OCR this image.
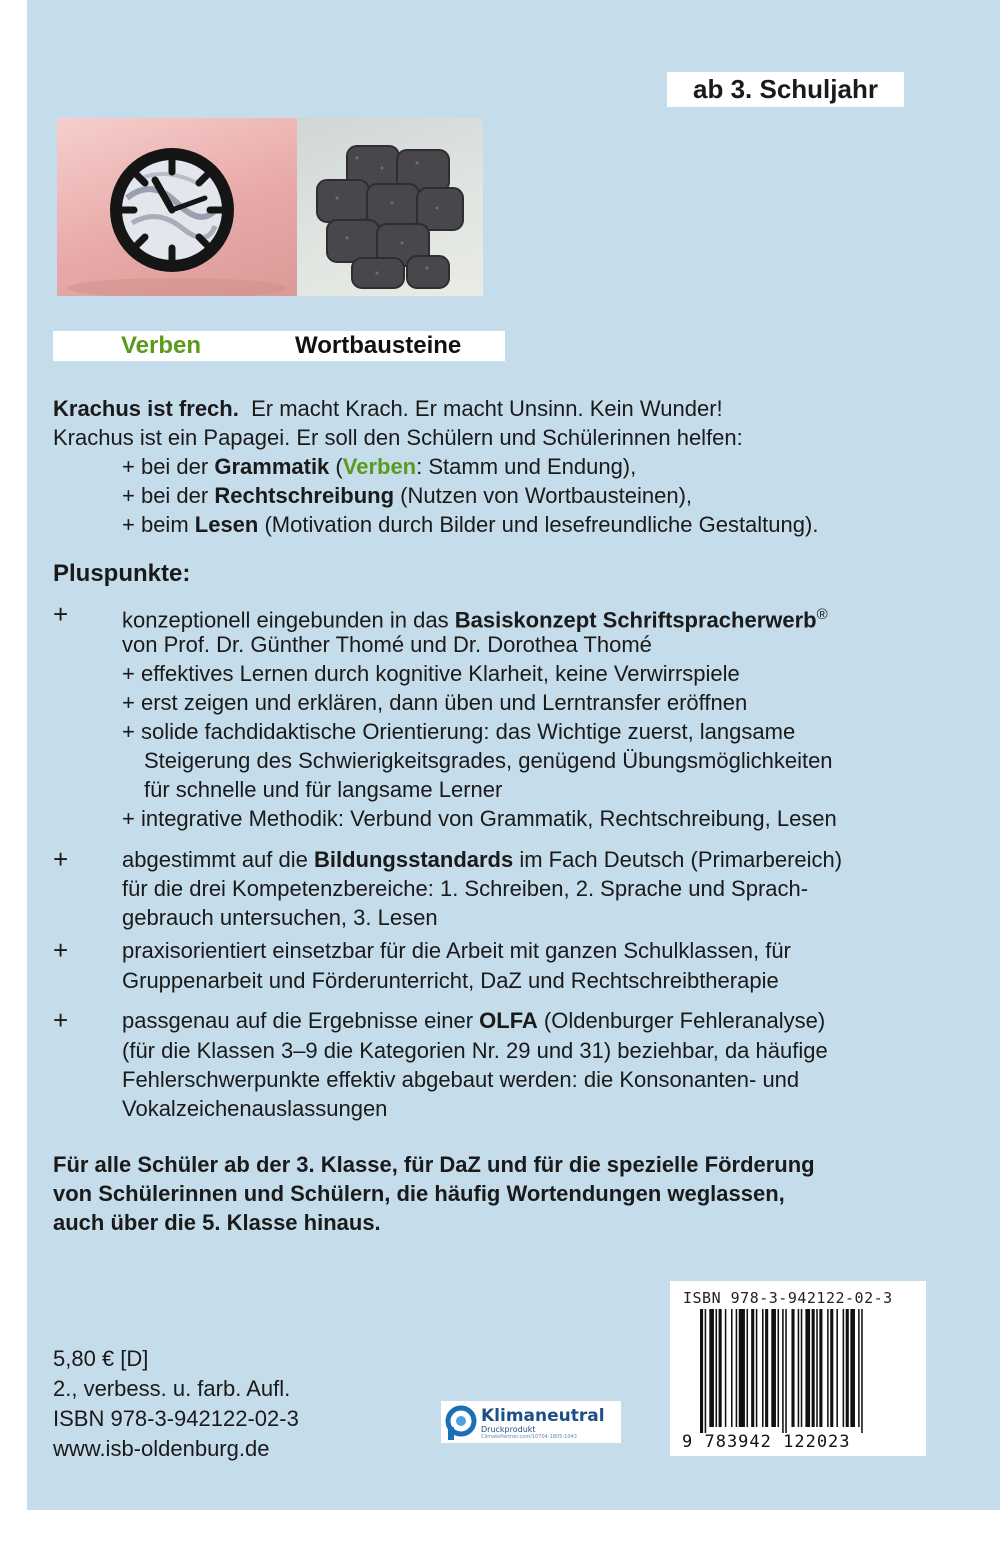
ab 3. Schuljahr
Verben	Wortbausteine
Krachus ist frech. Er macht Krach. Er macht Unsinn. Kein Wunder!
Krachus ist ein Papagei. Er soll den Schülern und Schülerinnen helfen:
+ bei der Grammatik (Verben: Stamm und Endung),
+ bei der Rechtschreibung (Nutzen von Wortbausteinen),
+ beim Lesen (Motivation durch Bilder und lesefreundliche Gestaltung).
Pluspunkte:
+ konzeptionell eingebunden in das Basiskonzept Schriftspracherwerb®
von Prof. Dr. Günther Thomé und Dr. Dorothea Thomé
+ effektives Lernen durch kognitive Klarheit, keine Verwirrspiele
+ erst zeigen und erklären, dann üben und Lerntransfer eröffnen
+ solide fachdidaktische Orientierung: das Wichtige zuerst, langsame
Steigerung des Schwierigkeitsgrades, genügend Übungsmöglichkeiten
für schnelle und für langsame Lerner
+ integrative Methodik: Verbund von Grammatik, Rechtschreibung, Lesen
+ abgestimmt auf die Bildungsstandards im Fach Deutsch (Primarbereich)
für die drei Kompetenzbereiche: 1. Schreiben, 2. Sprache und Sprach-
gebrauch untersuchen, 3. Lesen
+ praxisorientiert einsetzbar für die Arbeit mit ganzen Schulklassen, für
Gruppenarbeit und Förderunterricht, DaZ und Rechtschreibtherapie
+ passgenau auf die Ergebnisse einer OLFA (Oldenburger Fehleranalyse)
(für die Klassen 3–9 die Kategorien Nr. 29 und 31) beziehbar, da häufige
Fehlerschwerpunkte effektiv abgebaut werden: die Konsonanten- und
Vokalzeichenauslassungen
Für alle Schüler ab der 3. Klasse, für DaZ und für die spezielle Förderung
von Schülerinnen und Schülern, die häufig Wortendungen weglassen,
auch über die 5. Klasse hinaus.
5,80 € [D]
2., verbess. u. farb. Aufl.
ISBN 978-3-942122-02-3
www.isb-oldenburg.de
Klimaneutral
Druckprodukt
ClimatePartner.com/10704-1805-1043
ISBN 978-3-942122-02-3
9 783942 122023
